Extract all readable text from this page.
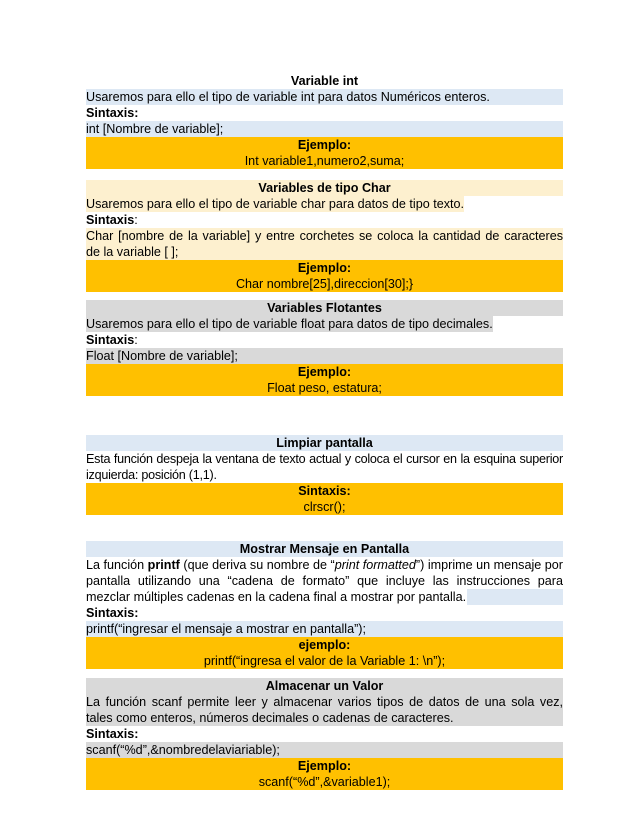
Variable int
Usaremos para ello el tipo de variable int para datos Numéricos enteros.
Sintaxis:
int [Nombre de variable];
Ejemplo:
Int variable1,numero2,suma;
Variables de tipo Char
Usaremos para ello el tipo de variable char para datos de tipo texto.
Sintaxis:
Char [nombre de la variable] y entre corchetes se coloca la cantidad de caracteres de la variable [ ];
Ejemplo:
Char nombre[25],direccion[30];}
Variables Flotantes
Usaremos para ello el tipo de variable float para datos de tipo decimales.
Sintaxis:
Float [Nombre de variable];
Ejemplo:
Float peso, estatura;
Limpiar pantalla
Esta función despeja la ventana de texto actual y coloca el cursor en la esquina superior izquierda: posición (1,1).
Sintaxis:
clrscr();
Mostrar Mensaje en Pantalla
La función printf (que deriva su nombre de “print formatted”) imprime un mensaje por pantalla utilizando una “cadena de formato” que incluye las instrucciones para mezclar múltiples cadenas en la cadena final a mostrar por pantalla.
Sintaxis:
printf(“ingresar el mensaje a mostrar en pantalla”);
ejemplo:
printf(“ingresa el valor de la Variable 1: \n”);
Almacenar un Valor
La función scanf permite leer y almacenar varios tipos de datos de una sola vez, tales como enteros, números decimales o cadenas de caracteres.
Sintaxis:
scanf(“%d”,&nombredelaviariable);
Ejemplo:
scanf(“%d”,&variable1);
